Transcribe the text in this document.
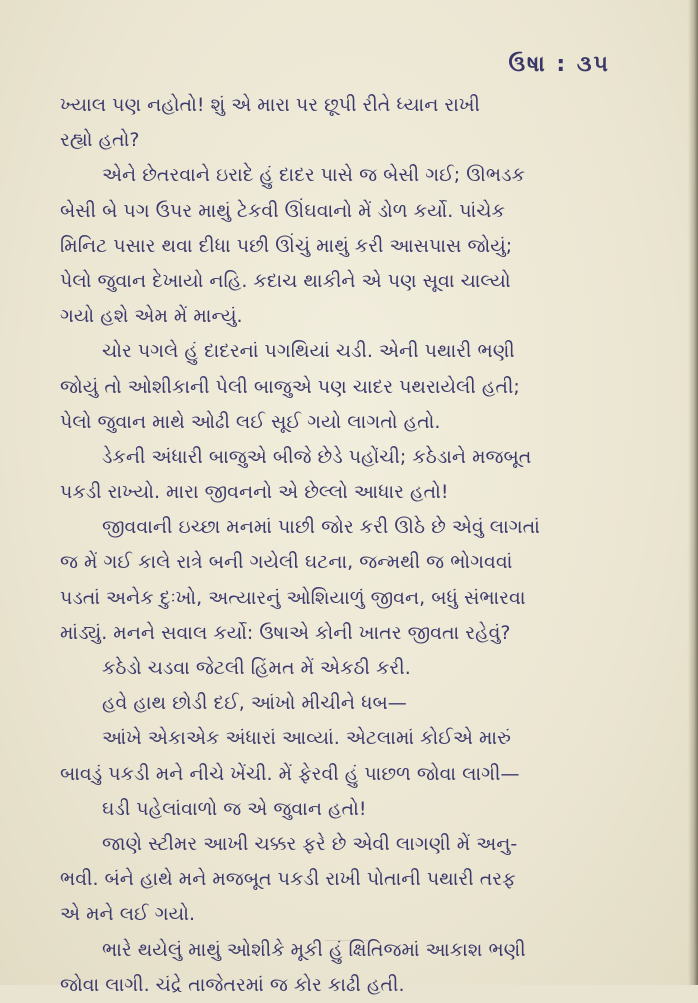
ઉષા : ૩૫
ખ્યાલ પણ નહોતો! શું એ મારા પર છૂપી રીતે ધ્યાન રાખી
રહ્યો હતો?
એને છેતરવાને ઇરાદે હું દાદર પાસે જ બેસી ગઈ; ઊભડક
બેસી બે પગ ઉપર માથું ટેકવી ઊંઘવાનો મેં ડોળ કર્યો. પાંચેક
મિનિટ પસાર થવા દીધા પછી ઊંચું માથું કરી આસપાસ જોયું;
પેલો જુવાન દેખાયો નહિ. કદાચ થાકીને એ પણ સૂવા ચાલ્યો
ગયો હશે એમ મેં માન્યું.
ચોર પગલે હું દાદરનાં પગથિયાં ચડી. એની પથારી ભણી
જોયું તો ઓશીકાની પેલી બાજુએ પણ ચાદર પથરાયેલી હતી;
પેલો જુવાન માથે ઓઢી લઈ સૂઈ ગયો લાગતો હતો.
ડેકની અંધારી બાજુએ બીજે છેડે પહોંચી; કઠેડાને મજબૂત
પકડી રાખ્યો. મારા જીવનનો એ છેલ્લો આધાર હતો!
જીવવાની ઇચ્છા મનમાં પાછી જોર કરી ઊઠે છે એવું લાગતાં
જ મેં ગઈ કાલે રાત્રે બની ગયેલી ઘટના, જન્મથી જ ભોગવવાં
પડતાં અનેક દુઃખો, અત્યારનું ઓશિયાળું જીવન, બધું સંભારવા
માંડ્યું. મનને સવાલ કર્યો: ઉષાએ કોની ખાતર જીવતા રહેવું?
કઠેડો ચડવા જેટલી હિંમત મેં એકઠી કરી.
હવે હાથ છોડી દઈ, આંખો મીચીને ધબ—
આંખે એકાએક અંધારાં આવ્યાં. એટલામાં કોઈએ મારું
બાવડું પકડી મને નીચે ખેંચી. મેં ફેરવી હું પાછળ જોવા લાગી—
ઘડી પહેલાંવાળો જ એ જુવાન હતો!
જાણે સ્ટીમર આખી ચક્કર ફરે છે એવી લાગણી મેં અનુ-
ભવી. બંને હાથે મને મજબૂત પકડી રાખી પોતાની પથારી તરફ
એ મને લઈ ગયો.
ભારે થયેલું માથું ઓશીકે મૂકી હું ક્ષિતિજમાં આકાશ ભણી
જોવા લાગી. ચંદ્રે તાજેતરમાં જ કોર કાઢી હતી.
